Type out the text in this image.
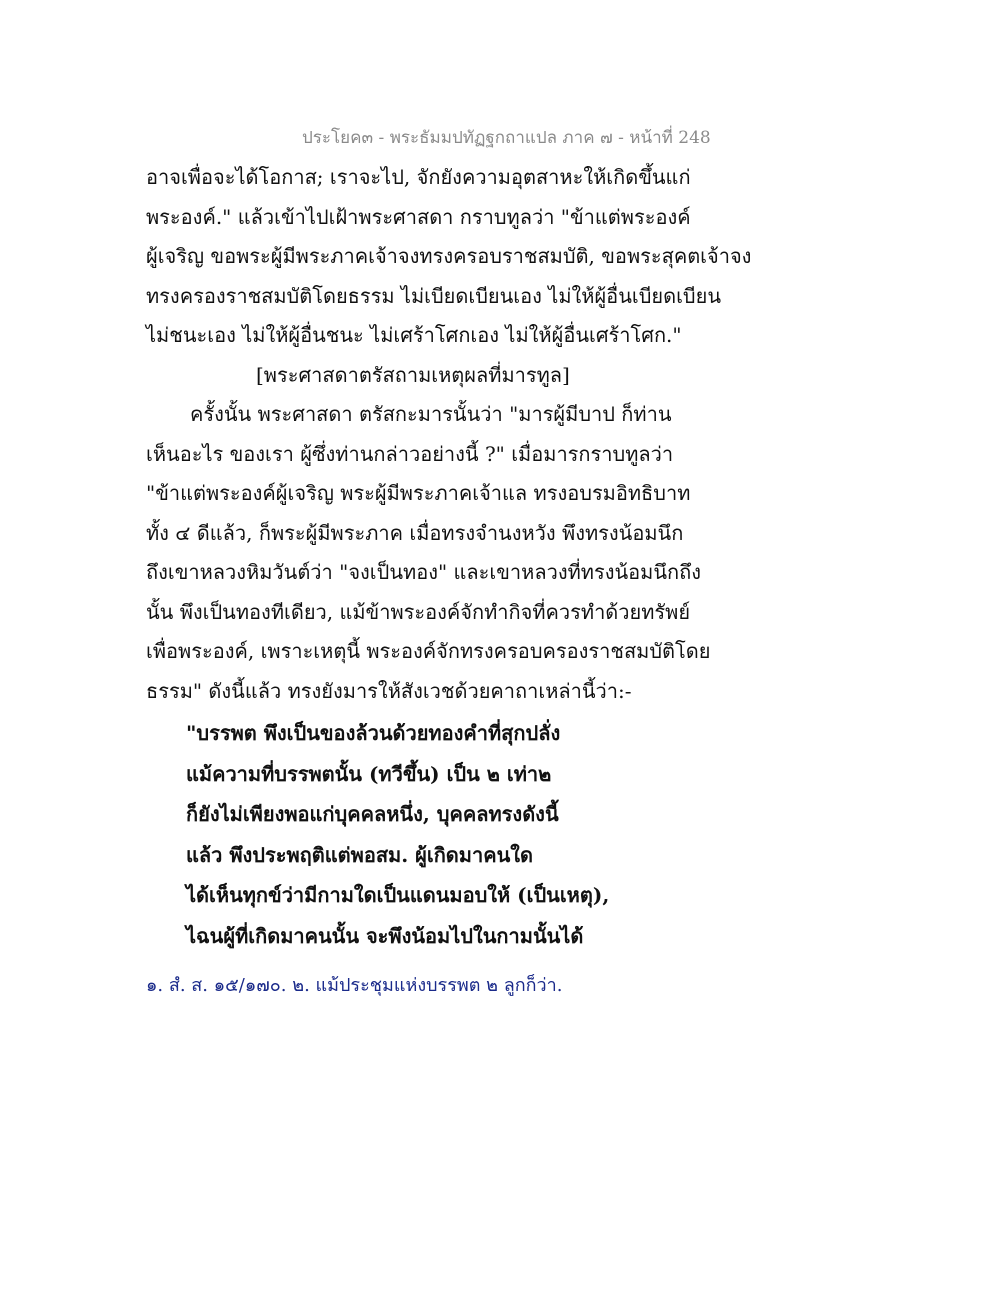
ประโยค๓ - พระธัมมปทัฏฐกถาแปล ภาค ๗ - หน้าที่ 248
อาจเพื่อจะได้โอกาส; เราจะไป, จักยังความอุตสาหะให้เกิดขึ้นแก่
พระองค์." แล้วเข้าไปเฝ้าพระศาสดา กราบทูลว่า "ข้าแต่พระองค์
ผู้เจริญ ขอพระผู้มีพระภาคเจ้าจงทรงครอบราชสมบัติ, ขอพระสุคตเจ้าจง
ทรงครองราชสมบัติโดยธรรม ไม่เบียดเบียนเอง ไม่ให้ผู้อื่นเบียดเบียน
ไม่ชนะเอง ไม่ให้ผู้อื่นชนะ ไม่เศร้าโศกเอง ไม่ให้ผู้อื่นเศร้าโศก."
[พระศาสดาตรัสถามเหตุผลที่มารทูล]
ครั้งนั้น พระศาสดา ตรัสกะมารนั้นว่า "มารผู้มีบาป ก็ท่าน
เห็นอะไร ของเรา ผู้ซึ่งท่านกล่าวอย่างนี้ ?" เมื่อมารกราบทูลว่า
"ข้าแต่พระองค์ผู้เจริญ พระผู้มีพระภาคเจ้าแล ทรงอบรมอิทธิบาท
ทั้ง ๔ ดีแล้ว, ก็พระผู้มีพระภาค เมื่อทรงจำนงหวัง พึงทรงน้อมนึก
ถึงเขาหลวงหิมวันต์ว่า "จงเป็นทอง" และเขาหลวงที่ทรงน้อมนึกถึง
นั้น พึงเป็นทองทีเดียว, แม้ข้าพระองค์จักทำกิจที่ควรทำด้วยทรัพย์
เพื่อพระองค์, เพราะเหตุนี้ พระองค์จักทรงครอบครองราชสมบัติโดย
ธรรม" ดังนี้แล้ว ทรงยังมารให้สังเวชด้วยคาถาเหล่านี้ว่า:-
"บรรพต พึงเป็นของล้วนด้วยทองคำที่สุกปลั่ง
แม้ความที่บรรพตนั้น (ทวีขึ้น) เป็น ๒ เท่า๒
ก็ยังไม่เพียงพอแก่บุคคลหนึ่ง, บุคคลทรงดังนี้
แล้ว พึงประพฤติแต่พอสม. ผู้เกิดมาคนใด
ได้เห็นทุกข์ว่ามีกามใดเป็นแดนมอบให้ (เป็นเหตุ),
ไฉนผู้ที่เกิดมาคนนั้น จะพึงน้อมไปในกามนั้นได้
๑. สํ. ส. ๑๕/๑๗๐. ๒. แม้ประชุมแห่งบรรพต ๒ ลูกก็ว่า.
